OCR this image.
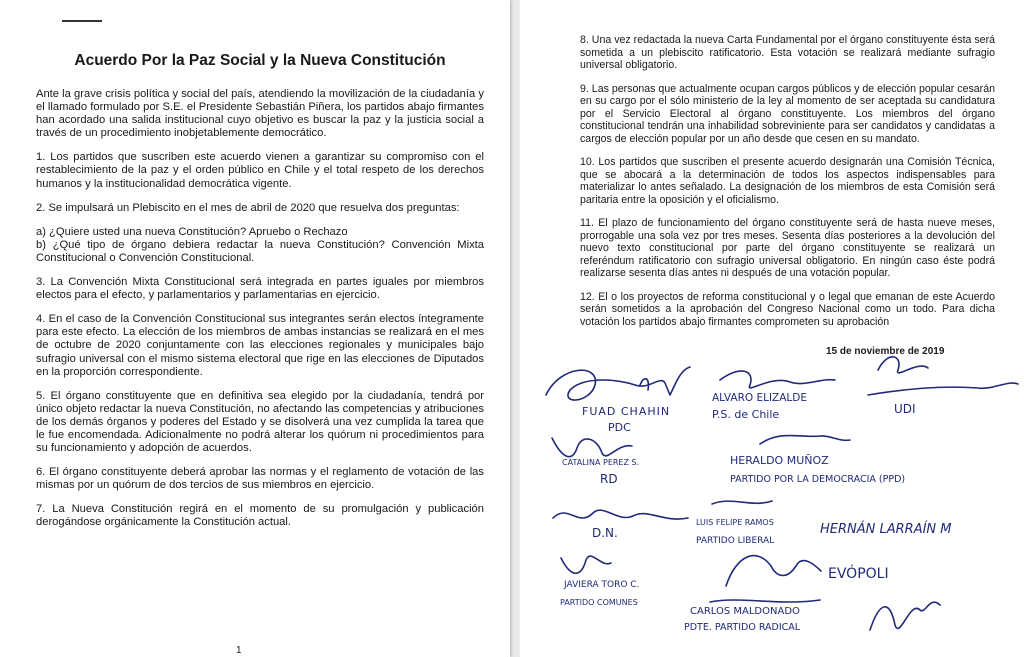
Acuerdo Por la Paz Social y la Nueva Constitución

Ante la grave crisis política y social del país, atendiendo la movilización de la ciudadanía y el llamado formulado por S.E. el Presidente Sebastián Piñera, los partidos abajo firmantes han acordado una salida institucional cuyo objetivo es buscar la paz y la justicia social a través de un procedimiento inobjetablemente democrático.

1. Los partidos que suscriben este acuerdo vienen a garantizar su compromiso con el restablecimiento de la paz y el orden público en Chile y el total respeto de los derechos humanos y la institucionalidad democrática vigente.

2. Se impulsará un Plebiscito en el mes de abril de 2020 que resuelva dos preguntas:

a) ¿Quiere usted una nueva Constitución? Apruebo o Rechazo
b) ¿Qué tipo de órgano debiera redactar la nueva Constitución? Convención Mixta Constitucional o Convención Constitucional.

3. La Convención Mixta Constitucional será integrada en partes iguales por miembros electos para el efecto, y parlamentarios y parlamentarias en ejercicio.

4. En el caso de la Convención Constitucional sus integrantes serán electos íntegramente para este efecto. La elección de los miembros de ambas instancias se realizará en el mes de octubre de 2020 conjuntamente con las elecciones regionales y municipales bajo sufragio universal con el mismo sistema electoral que rige en las elecciones de Diputados en la proporción correspondiente.

5. El órgano constituyente que en definitiva sea elegido por la ciudadanía, tendrá por único objeto redactar la nueva Constitución, no afectando las competencias y atribuciones de los demás órganos y poderes del Estado y se disolverá una vez cumplida la tarea que le fue encomendada. Adicionalmente no podrá alterar los quórum ni procedimientos para su funcionamiento y adopción de acuerdos.

6. El órgano constituyente deberá aprobar las normas y el reglamento de votación de las mismas por un quórum de dos tercios de sus miembros en ejercicio.

7. La Nueva Constitución regirá en el momento de su promulgación y publicación derogándose orgánicamente la Constitución actual.

1

8. Una vez redactada la nueva Carta Fundamental por el órgano constituyente ésta será sometida a un plebiscito ratificatorio. Esta votación se realizará mediante sufragio universal obligatorio.

9. Las personas que actualmente ocupan cargos públicos y de elección popular cesarán en su cargo por el sólo ministerio de la ley al momento de ser aceptada su candidatura por el Servicio Electoral al órgano constituyente. Los miembros del órgano constitucional tendrán una inhabilidad sobreviniente para ser candidatos y candidatas a cargos de elección popular por un año desde que cesen en su mandato.

10. Los partidos que suscriben el presente acuerdo designarán una Comisión Técnica, que se abocará a la determinación de todos los aspectos indispensables para materializar lo antes señalado. La designación de los miembros de esta Comisión será paritaria entre la oposición y el oficialismo.

11. El plazo de funcionamiento del órgano constituyente será de hasta nueve meses, prorrogable una sola vez por tres meses. Sesenta días posteriores a la devolución del nuevo texto constitucional por parte del órgano constituyente se realizará un referéndum ratificatorio con sufragio universal obligatorio. En ningún caso éste podrá realizarse sesenta días antes ni después de una votación popular.

12. El o los proyectos de reforma constitucional y o legal que emanan de este Acuerdo serán sometidos a la aprobación del Congreso Nacional como un todo. Para dicha votación los partidos abajo firmantes comprometen su aprobación

15 de noviembre de 2019
FUAD CHAHIN
PDC
ALVARO ELIZALDE
P.S. de Chile	UDI
CATALINA PEREZ S.
RD
HERALDO MUÑOZ
PARTIDO POR LA DEMOCRACIA (PPD)
D.N.
LUIS FELIPE RAMOS
PARTIDO LIBERAL
HERNÁN LARRAÍN M
JAVIERA TORO C.
PARTIDO COMUNES
EVÓPOLI
CARLOS MALDONADO
PDTE. PARTIDO RADICAL
